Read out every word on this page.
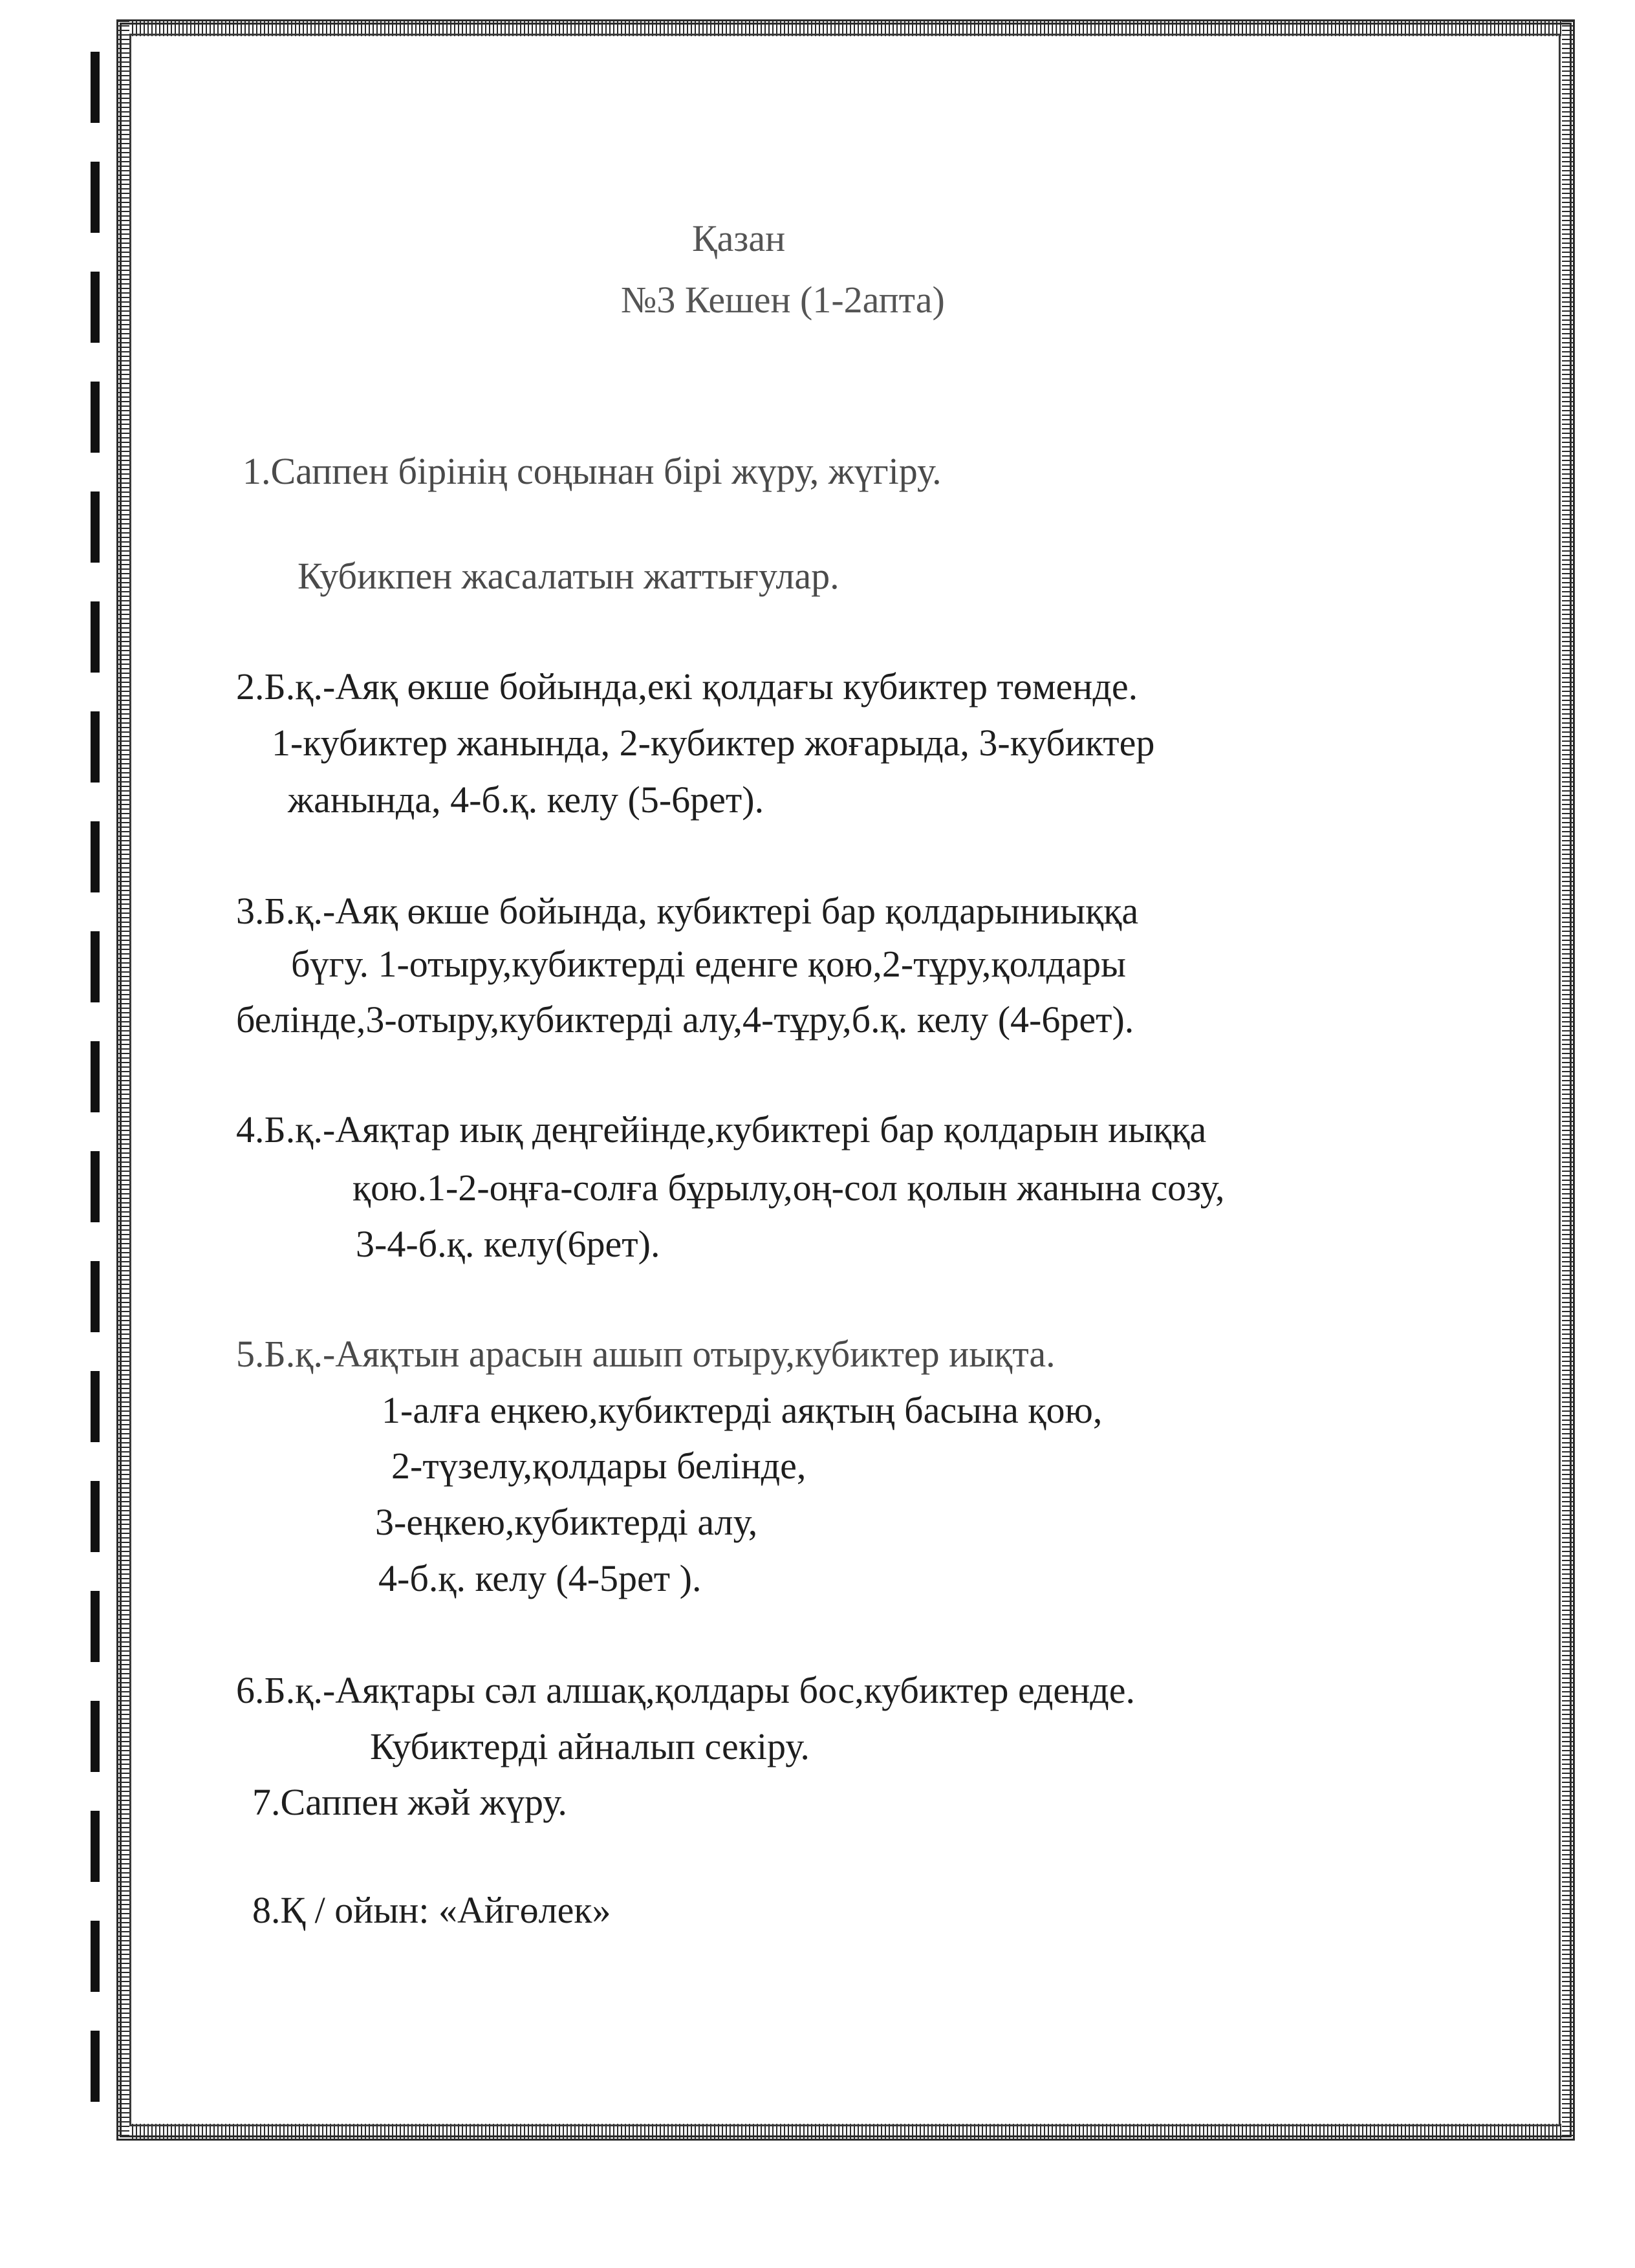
Қазан
№3 Кешен (1-2апта)

1.Саппен бірінің соңынан бірі жүру, жүгіру.

Кубикпен жасалатын жаттығулар.

2.Б.қ.-Аяқ өкше бойында,екі қолдағы кубиктер төменде.

1-кубиктер жанында, 2-кубиктер жоғарыда, 3-кубиктер

жанында, 4-б.қ. келу (5-6рет).

3.Б.қ.-Аяқ өкше бойында, кубиктері бар қолдарыниыққа

бүгу. 1-отыру,кубиктерді еденге қою,2-тұру,қолдары

белінде,3-отыру,кубиктерді алу,4-тұру,б.қ. келу (4-6рет).

4.Б.қ.-Аяқтар иық деңгейінде,кубиктері бар қолдарын иыққа

қою.1-2-оңға-солға бұрылу,оң-сол қолын жанына созу,

3-4-б.қ. келу(6рет).

5.Б.қ.-Аяқтын арасын ашып отыру,кубиктер иықта.

1-алға еңкею,кубиктерді аяқтың басына қою,

2-түзелу,қолдары белінде,

3-еңкею,кубиктерді алу,

4-б.қ. келу (4-5рет ).

6.Б.қ.-Аяқтары сәл алшақ,қолдары бос,кубиктер еденде.

Кубиктерді айналып секіру.

7.Саппен жәй жүру.

8.Қ / ойын: «Айгөлек»
